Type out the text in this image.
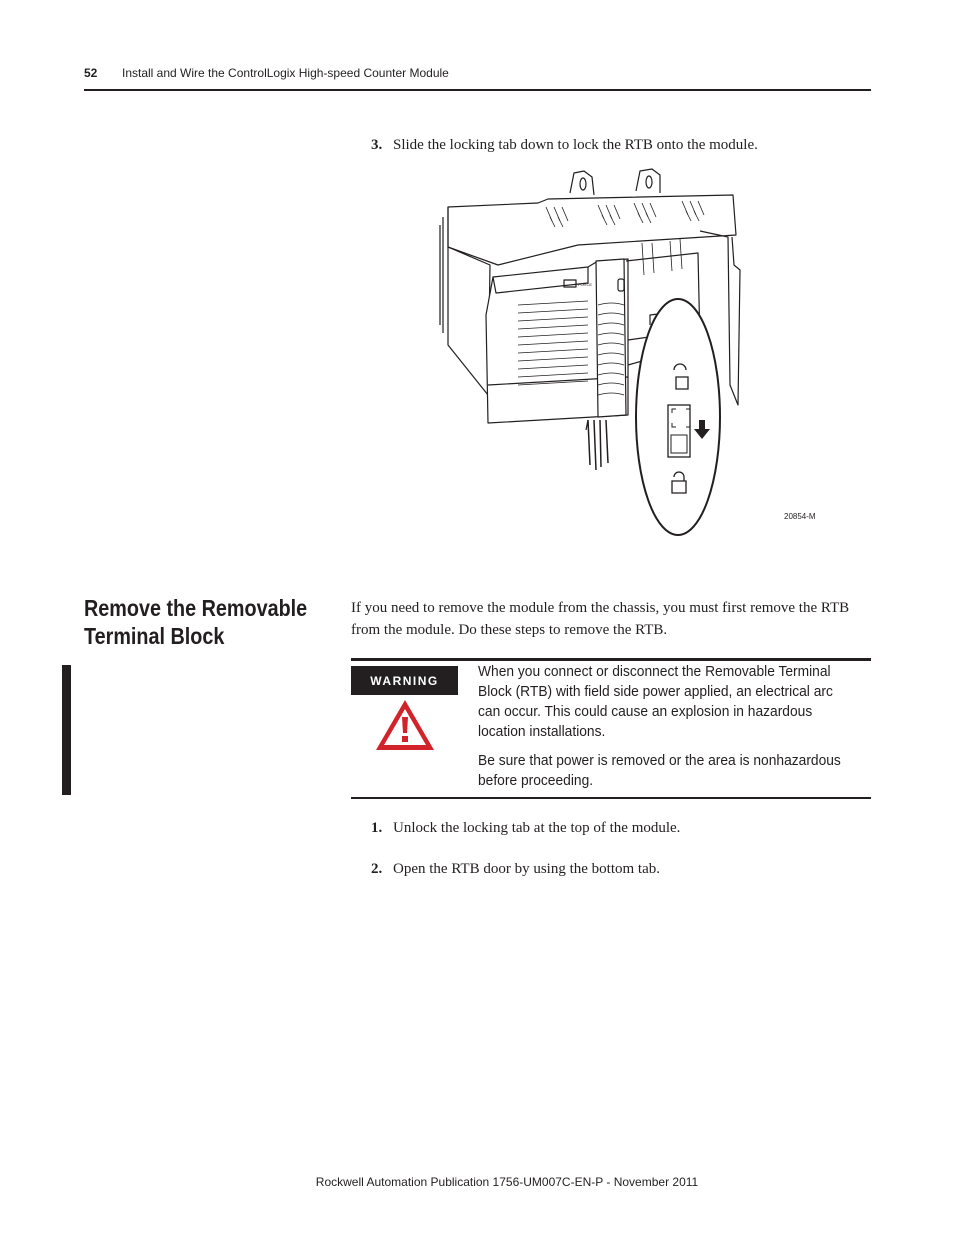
52 Install and Wire the ControlLogix High-speed Counter Module
3. Slide the locking tab down to lock the RTB onto the module.
FORCE
20854-M
Remove the Removable Terminal Block
If you need to remove the module from the chassis, you must first remove the RTB from the module. Do these steps to remove the RTB.
WARNING

When you connect or disconnect the Removable Terminal Block (RTB) with field side power applied, an electrical arc can occur. This could cause an explosion in hazardous location installations.

Be sure that power is removed or the area is nonhazardous before proceeding.

1. Unlock the locking tab at the top of the module.
2. Open the RTB door by using the bottom tab.
Rockwell Automation Publication 1756-UM007C-EN-P - November 2011
